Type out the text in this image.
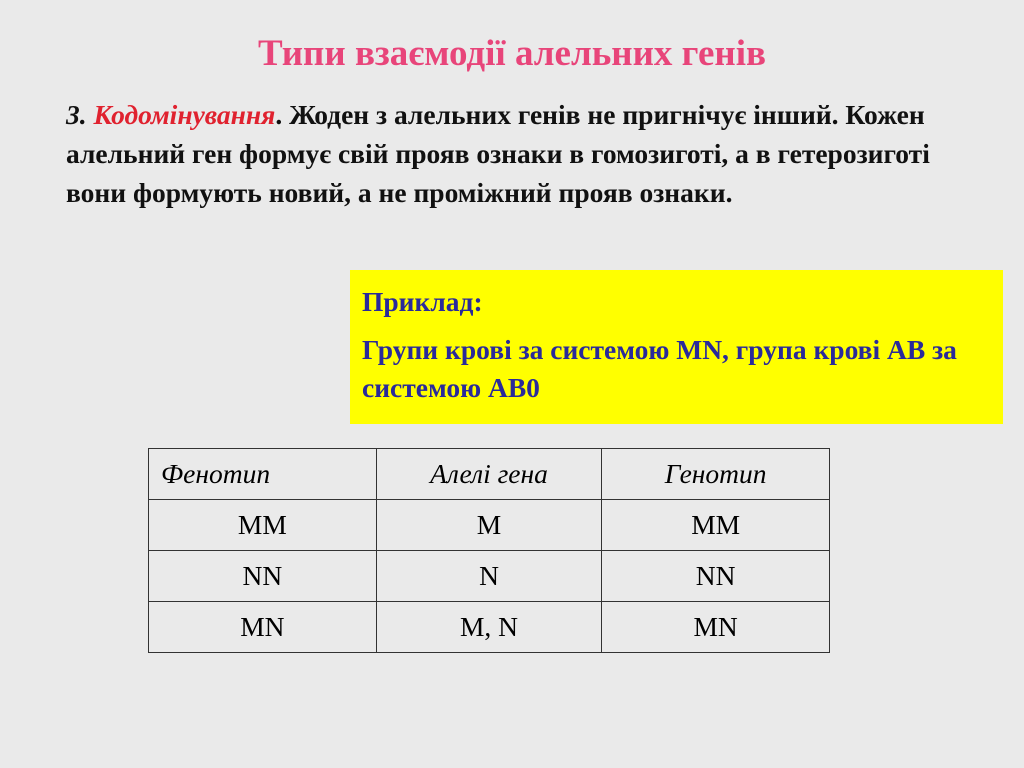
Типи взаємодії алельних генів

3. Кодомінування. Жоден з алельних генів не пригнічує інший. Кожен алельний ген формує свій прояв ознаки в гомозиготі, а в гетерозиготі вони формують новий, а не проміжний прояв ознаки.

Приклад:

Групи крові за системою MN, група крові АВ за системою АВ0

Фенотип	Алелі гена	Генотип
ММ	М	ММ
NN	N	NN
MN	M, N	MN
